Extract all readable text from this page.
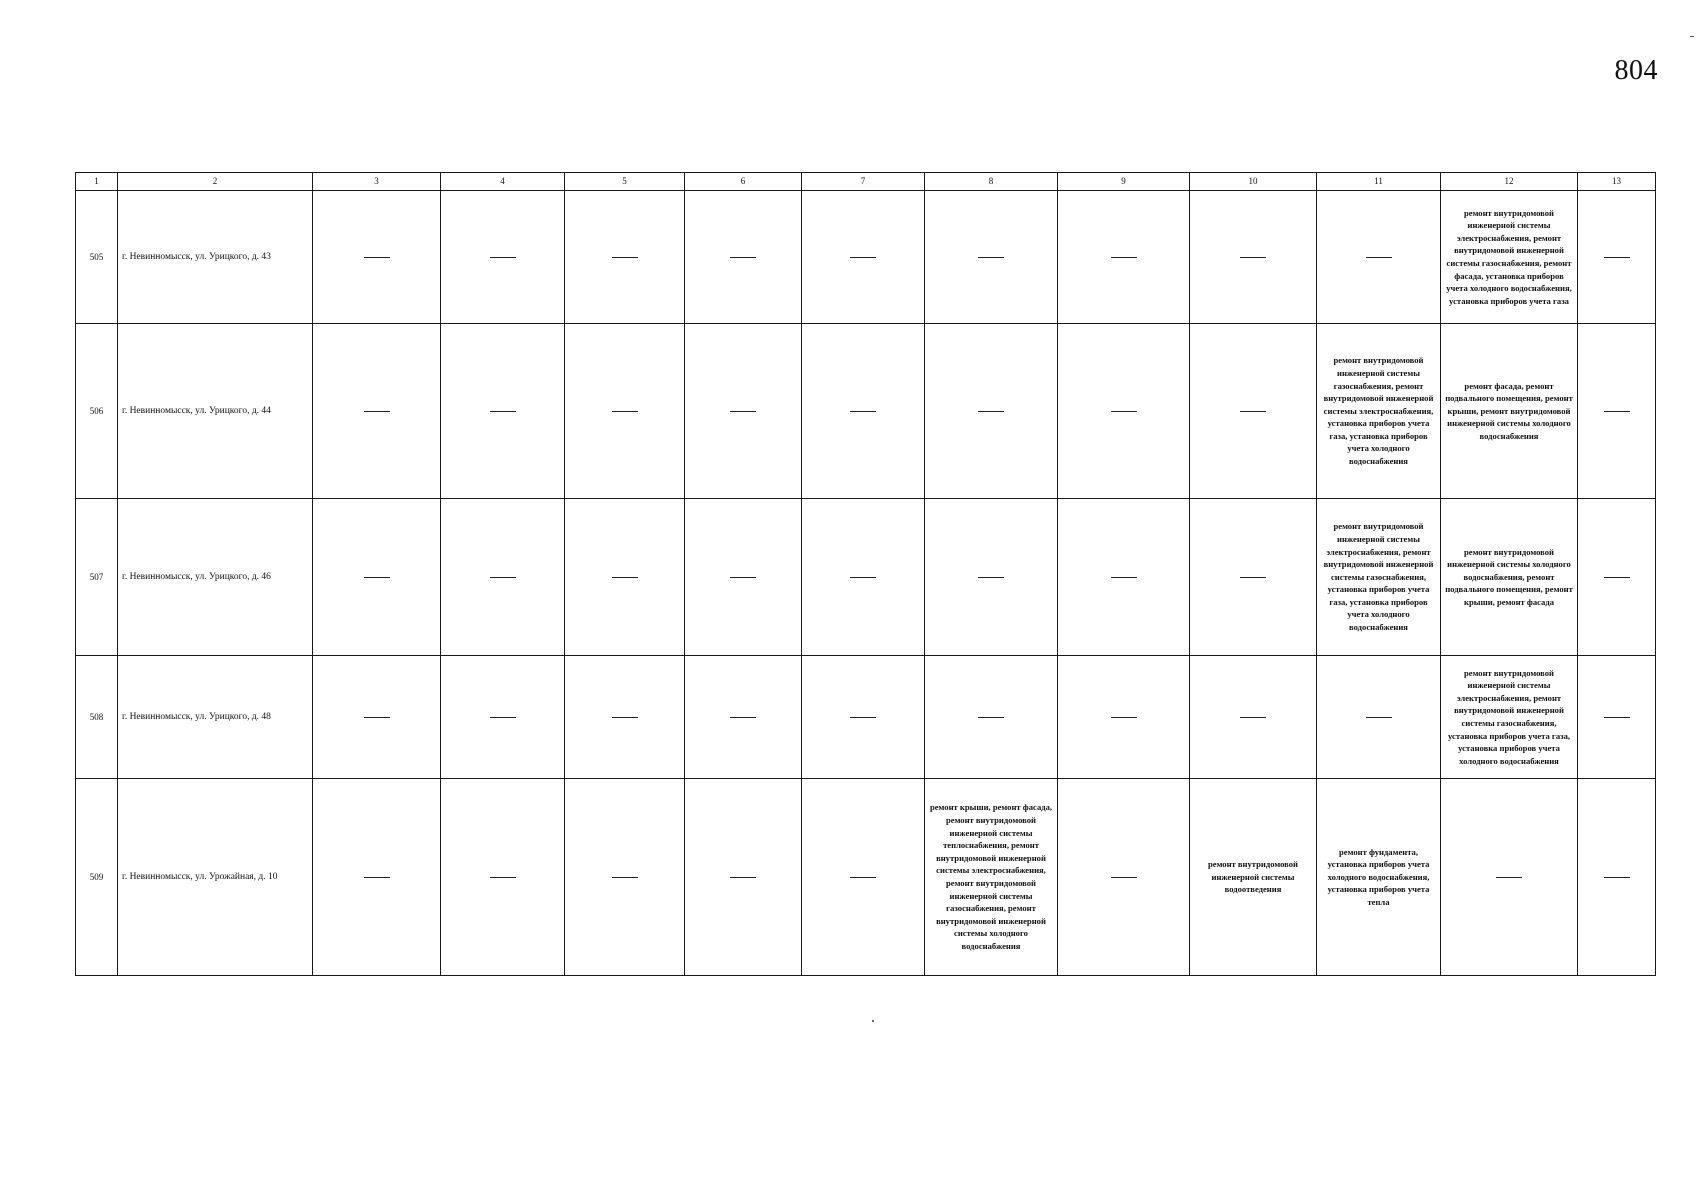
804
1	2	3	4	5	6	7	8	9	10	11	12	13
505	г. Невинномысск, ул. Урицкого, д. 43										ремонт внутридомовой инженерной системы электроснабжения, ремонт внутридомовой инженерной системы газоснабжения, ремонт фасада, установка приборов учета холодного водоснабжения, установка приборов учета газа	
506	г. Невинномысск, ул. Урицкого, д. 44									ремонт внутридомовой инженерной системы газоснабжения, ремонт внутридомовой инженерной системы электроснабжения, установка приборов учета газа, установка приборов учета холодного водоснабжения	ремонт фасада, ремонт подвального помещения, ремонт крыши, ремонт внутридомовой инженерной системы холодного водоснабжения	
507	г. Невинномысск, ул. Урицкого, д. 46									ремонт внутридомовой инженерной системы электроснабжения, ремонт внутридомовой инженерной системы газоснабжения, установка приборов учета газа, установка приборов учета холодного водоснабжения	ремонт внутридомовой инженерной системы холодного водоснабжения, ремонт подвального помещения, ремонт крыши, ремонт фасада	
508	г. Невинномысск, ул. Урицкого, д. 48										ремонт внутридомовой инженерной системы электроснабжения, ремонт внутридомовой инженерной системы газоснабжения, установка приборов учета газа, установка приборов учета холодного водоснабжения	
509	г. Невинномысск, ул. Урожайная, д. 10						ремонт крыши, ремонт фасада, ремонт внутридомовой инженерной системы теплоснабжения, ремонт внутридомовой инженерной системы электроснабжения, ремонт внутридомовой инженерной системы газоснабжения, ремонт внутридомовой инженерной системы холодного водоснабжения		ремонт внутридомовой инженерной системы водоотведения	ремонт фундамента, установка приборов учета холодного водоснабжения, установка приборов учета тепла		
